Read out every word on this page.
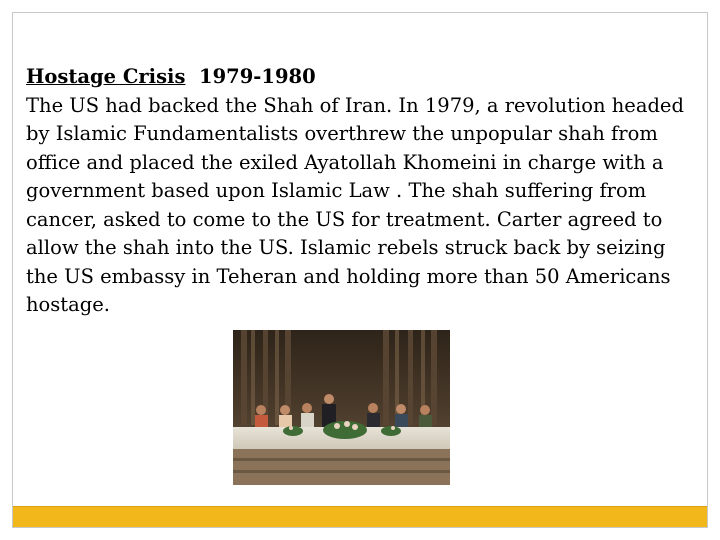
Hostage Crisis 1979-1980

The US had backed the Shah of Iran. In 1979, a revolution headed by Islamic Fundamentalists overthrew the unpopular shah from office and placed the exiled Ayatollah Khomeini in charge with a government based upon Islamic Law . The shah suffering from cancer, asked to come to the US for treatment. Carter agreed to allow the shah into the US. Islamic rebels struck back by seizing the US embassy in Teheran and holding more than 50 Americans hostage.
